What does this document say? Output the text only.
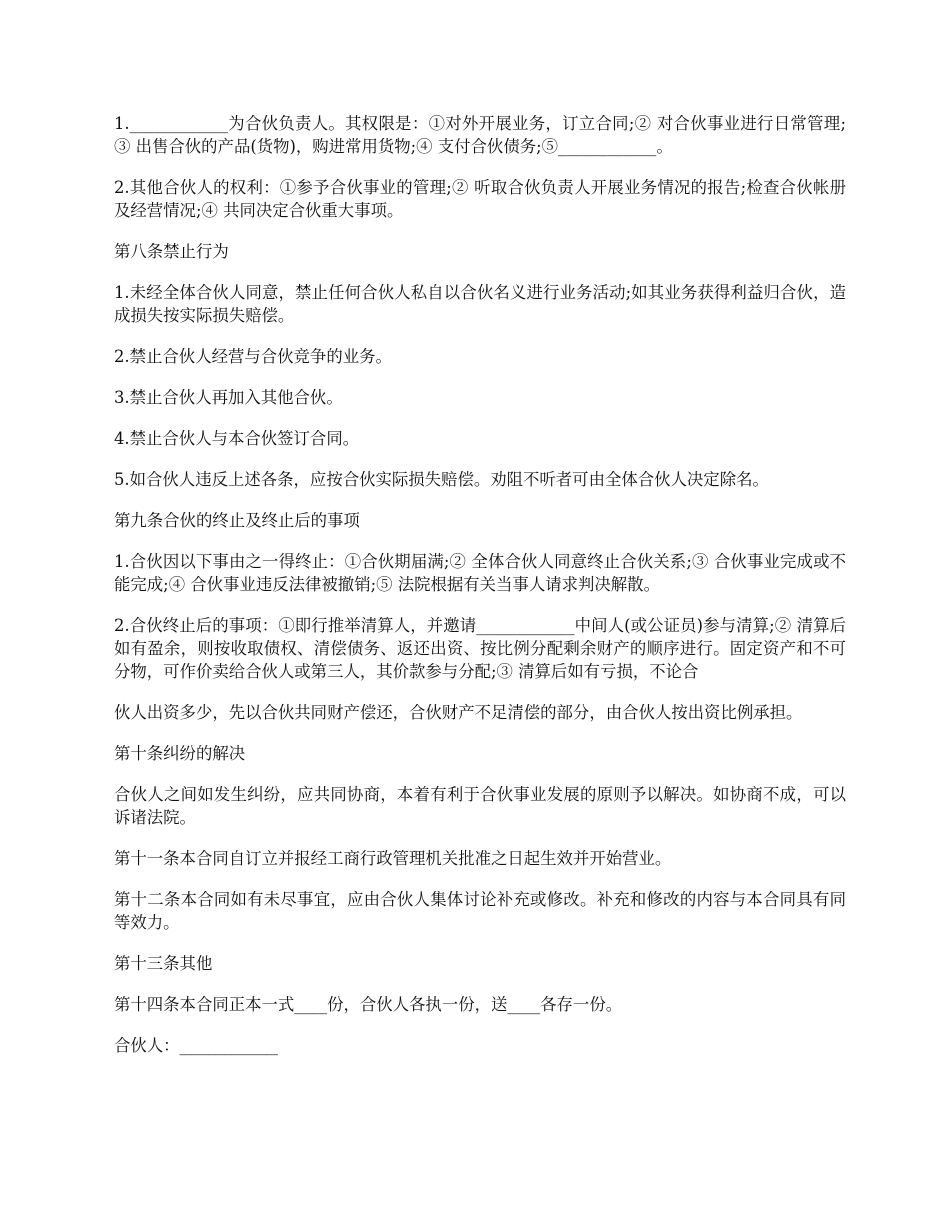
1.____________为合伙负责人。其权限是：①对外开展业务，订立合同;② 对合伙事业进行日常管理;③ 出售合伙的产品(货物)，购进常用货物;④ 支付合伙债务;⑤____________。

2.其他合伙人的权利：①参予合伙事业的管理;② 听取合伙负责人开展业务情况的报告;检查合伙帐册及经营情况;④ 共同决定合伙重大事项。

第八条禁止行为

1.未经全体合伙人同意，禁止任何合伙人私自以合伙名义进行业务活动;如其业务获得利益归合伙，造成损失按实际损失赔偿。

2.禁止合伙人经营与合伙竞争的业务。

3.禁止合伙人再加入其他合伙。

4.禁止合伙人与本合伙签订合同。

5.如合伙人违反上述各条，应按合伙实际损失赔偿。劝阻不听者可由全体合伙人决定除名。

第九条合伙的终止及终止后的事项

1.合伙因以下事由之一得终止：①合伙期届满;② 全体合伙人同意终止合伙关系;③ 合伙事业完成或不能完成;④ 合伙事业违反法律被撤销;⑤ 法院根据有关当事人请求判决解散。

2.合伙终止后的事项：①即行推举清算人，并邀请____________中间人(或公证员)参与清算;② 清算后如有盈余，则按收取债权、清偿债务、返还出资、按比例分配剩余财产的顺序进行。固定资产和不可分物，可作价卖给合伙人或第三人，其价款参与分配;③ 清算后如有亏损，不论合

伙人出资多少，先以合伙共同财产偿还，合伙财产不足清偿的部分，由合伙人按出资比例承担。

第十条纠纷的解决

合伙人之间如发生纠纷，应共同协商，本着有利于合伙事业发展的原则予以解决。如协商不成，可以诉诸法院。

第十一条本合同自订立并报经工商行政管理机关批准之日起生效并开始营业。

第十二条本合同如有未尽事宜，应由合伙人集体讨论补充或修改。补充和修改的内容与本合同具有同等效力。

第十三条其他

第十四条本合同正本一式____份，合伙人各执一份，送____各存一份。

合伙人：____________
